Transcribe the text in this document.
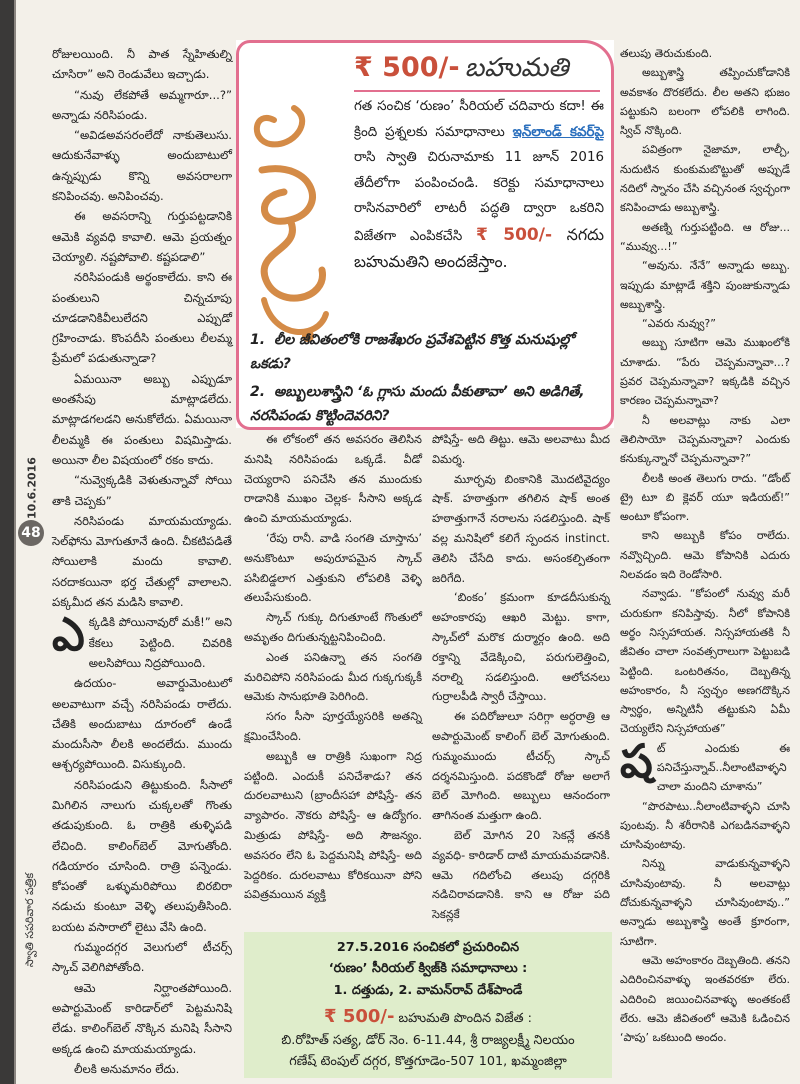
స్వాతి సపరివార పత్రిక
10.6.2016
48

రోజులయింది. నీ పాత స్నేహితుల్ని చూసిరా” అని రెండువేలు ఇచ్చాడు.

“నువు లేకపోతే అమ్మగారూ...?” అన్నాడు నరిసిపండు.

“అవిడఅవసరంలేదో నాకుతెలుసు. ఆదుకునేవాళ్ళు అందుబాటులో ఉన్నప్పుడు కొన్ని అవసరాలగా కనిపించవు. అనిపించవు.

ఈ అవసరాన్ని గుర్తుపట్టడానికి ఆమెకి వ్యవధి కావాలి. ఆమె ప్రయత్నం చెయ్యాలి. నష్టపోవాలి. కష్టపడాలి”

నరిసిపండుకి అర్థంకాలేదు. కాని ఈ పంతులుని చిన్నచూపు చూడడానికివీలులేదని ఎప్పుడో గ్రహించాడు. కొంపదీసి పంతులు లీలమ్మ ప్రేమలో పడుతున్నాడా?

ఏమయినా అబ్బు ఎప్పుడూ అంతసేపు మాట్లాడలేదు. మాట్లాడగలడని అనుకోలేదు. ఏమయినా లీలమ్మకి ఈ పంతులు విషమిస్తాడు. అయినా లీల విషయంలో రకం కాదు.

“నువ్వెక్కడికి వెళుతున్నావో సోయి తాకి చెప్పకు”

నరిసిపండు మాయమయ్యాడు. సెల్‌ఫోను మోగుతూనే ఉంది. చీకటిపడితే సోయిలాకి మందు కావాలి. సరదాకయినా భర్త చేతుల్లో వాలాలని. పక్కమీద తన మడిసి కావాలి.

ఎక్కడికి పోయినావురో మకీ!” అని కేకలు పెట్టింది. చివరికి అలసిపోయి నిద్రపోయింది.

ఉదయం- అవార్డుమెంటులో అలవాటుగా వచ్చే నరిసిపండు రాలేదు. చేతికి అందుబాటు దూరంలో ఉండే మందుసీసా లీలకి అందలేదు. ముందు ఆశ్చర్యపోయింది. విసుక్కుంది.

నరిసిపండుని తిట్టుకుంది. సీసాలో మిగిలిన నాలుగు చుక్కలతో గొంతు తడుపుకుంది. ఓ రాత్రికి తుళ్ళిపడి లేచింది. కాలింగ్‌బెల్ మోగుతోంది. గడియారం చూసింది. రాత్రి పన్నెండు. కోపంతో ఒళ్ళుమరిపోయి బిరబిరా నడుచు కుంటూ వెళ్ళి తలుపుతీసింది. బయట వసారాలో లైటు వేసి ఉంది.

గుమ్మందగ్గర వెలుగులో టీచర్స్ స్కాచ్ వెలిగిపోతోంది.

ఆమె నిర్ఘాంతపోయింది. అపార్టుమెంట్ కారిడార్‌లో పెట్టమనిషి లేడు. కాలింగ్‌బెల్ నొక్కిన మనిషి సీసాని అక్కడ ఉంచి మాయమయ్యాడు.

లీలకి అనుమానం లేదు.

₹ 500/- బహుమతి
గత సంచిక ‘రుణం’ సీరియల్ చదివారు కదా! ఈ క్రింది ప్రశ్నలకు సమాధానాలు ఇన్‌లాండ్ కవర్‌పై రాసి స్వాతి చిరునామాకు 11 జూన్ 2016 తేదీలోగా పంపించండి. కరెక్టు సమాధానాలు రాసినవారిలో లాటరీ పద్ధతి ద్వారా ఒకరిని విజేతగా ఎంపికచేసి ₹ 500/- నగదు బహుమతిని అందజేస్తాం.
1. లీల జీవితంలోకి రాజశేఖరం ప్రవేశపెట్టిన కొత్త మనుషుల్లో ఒకడు?
2. అబ్బులుశాస్త్రిని ‘ఓ గ్లాసు మందు పీకుతావా’ అని అడిగితే, నరసిపండు కొట్టిందెవరిని?

ఈ లోకంలో తన అవసరం తెలిసిన మనిషి నరిసిపండు ఒక్కడే. వీడో చెయ్యరాని పనిచేసి తన ముందుకు రాడానికి ముఖం చెల్లక- సీసాని అక్కడ ఉంచి మాయమయ్యాడు.

‘రేపు రానీ. వాడి సంగతి చూస్తాను’ అనుకొంటూ అపురూపమైన స్కాచ్ పసిబిడ్డలాగ ఎత్తుకుని లోపలికి వెళ్ళి తలుపేసుకుంది.

స్కాచ్ గుక్కు దిగుతూంటే గొంతులో అమృతం దిగుతున్నట్టనిపించింది.

ఎంత పనిఉన్నా తన సంగతి మరిచిపోని నరిసిపండు మీద గుక్కగుక్కకీ ఆమెకు సానుభూతి పెరిగింది.

సగం సీసా పూర్తయ్యేసరికి అతన్ని క్షమించేసింది.

అబ్బుకి ఆ రాత్రికి సుఖంగా నిద్ర పట్టింది. ఎందుకీ పనిచేశాడు? తన దురలవాటుని (బ్రాందీసహా పోషిస్తే- తన వ్యాపారం. నౌకరు పోషిస్తే- ఆ ఉద్యోగం. మిత్రుడు పోషిస్తే- అది సౌజన్యం. అవసరం లేని ఓ పెద్దమనిషి పోషిస్తే- అది పెద్దరికం. దురలవాటు కోరికయినా పోని పవిత్రమయిన వ్యక్తి

పోషిస్తే- అది తిట్టు. ఆమె అలవాటు మీద విమర్శ.

మూర్ఛవు బింకానికి మొదటివైద్యం షాక్. హఠాత్తుగా తగిలిన షాక్ అంత హఠాత్తుగానే నరాలను సడలిస్తుంది. షాక్ వల్ల మనిషిలో కలిగే స్పందన instinct. తెలిసి చేసేది కాదు. అసంకల్పితంగా జరిగేది.

‘బింకం’ క్రమంగా కూడదీసుకున్న అహంకారపు ఆఖరి మెట్టు. కాగా, స్కాచ్‌లో మరొక దుర్మార్గం ఉంది. అది రక్తాన్ని వేడెక్కించి, పరుగులెత్తించి, నరాల్ని సడలిస్తుంది. ఆలోచనలు గుర్రాలపీడి స్వారీ చేస్తాయి.

ఈ పదిరోజులూ సరిగ్గా అర్ధరాత్రి ఆ అపార్టుమెంట్ కాలింగ్ బెల్ మోగుతుంది. గుమ్మంముందు టీచర్స్ స్కాచ్ దర్శనమిస్తుంది. పదకొండో రోజు అలాగే బెల్ మోగింది. అబ్బులు ఆనందంగా తాగినంత మత్తుగా ఉంది.

బెల్ మోగిన 20 సెకన్లే తనకి వ్యవధి- కారిడార్ దాటి మాయమవడానికి. ఆమె గదిలోంచి తలుపు దగ్గరికి నడిచిరావడానికి. కాని ఆ రోజు పది సెకన్లకే

27.5.2016 సంచికలో ప్రచురించిన
‘రుణం’ సీరియల్ క్విజ్‌కి సమాధానాలు :
1. దత్తుడు, 2. వామన్‌రావ్ దేశ్‌పాండే
₹ 500/- బహుమతి పొందిన విజేత :
బి.రోహిత్ సత్య, డోర్ నెం. 6-11.44, శ్రీ రాజ్యలక్ష్మీ నిలయం
గణేష్ టెంపుల్ దగ్గర, కొత్తగూడెం-507 101, ఖమ్మంజిల్లా

తలుపు తెరుచుకుంది.

అబ్బుశాస్త్రి తప్పించుకోడానికి అవకాశం దొరకలేదు. లీల అతని భుజం పట్టుకుని బలంగా లోపలికి లాగింది. స్విచ్ నొక్కింది.

పవిత్రంగా నైజామా, లాల్చీ, నుదుటిన కుంకుమబొట్టుతో అప్పుడే నదిలో స్నానం చేసి వచ్చినంత స్వచ్ఛంగా కనిపించాడు అబ్బుశాస్త్రి.

అతణ్ని గుర్తుపట్టింది. ఆ రోజు... “మువ్వు...!”

“అవును. నేనే” అన్నాడు అబ్బు. ఇప్పుడు మాట్లాడే శక్తిని పుంజుకున్నాడు అబ్బుశాస్త్రి.

“ఎవరు నువ్వు?”

అబ్బు సూటిగా ఆమె ముఖంలోకి చూశాడు. “పేరు చెప్పమన్నావా...? ప్రవర చెప్పమన్నావా? ఇక్కడికి వచ్చిన కారణం చెప్పమన్నావా?

నీ అలవాట్లు నాకు ఎలా తెలిసాయో చెప్పమన్నావా? ఎందుకు కనుక్కున్నానో చెప్పమన్నావా?”

లీలకి అంత తెలుగు రాదు. “డోంట్ ట్రై టూ బి క్లెవర్ యూ ఇడియట్!” అంటూ కోపంగా.

కాని అబ్బుకి కోపం రాలేదు. నవ్వొచ్చింది. ఆమె కోపానికి ఎదురు నిలవడం ఇది రెండోసారి.

నవ్వాడు. “కోపంలో నువ్వు మరీ చురుకుగా కనిపిస్తావు. నీలో కోపానికి అర్థం నిస్సహాయత. నిస్సహాయతకి నీ జీవితం చాలా సంవత్సరాలుగా పెట్టుబడి పెట్టింది. ఒంటరితనం, దెబ్బతిన్న అహంకారం, నీ స్వచ్ఛం అణగదొక్కిన స్వార్థం, అన్నిటినీ తట్టుకుని ఏమీ చెయ్యలేని నిస్సహాయత”

షట్‌ ఎందుకు ఈ పనిచేస్తున్నావ్..నీలాంటివాళ్ళని చాలా మందిని చూశాను”

“పొరపాటు..నీలాంటివాళ్ళని చూసి పుంటవు. నీ శరీరానికి ఎగబడినవాళ్ళని చూసివుంటావు.

నిన్ను వాడుకున్నవాళ్ళని చూసివుంటావు. నీ అలవాట్లు దోచుకున్నవాళ్ళని చూసివుంటావు..” అన్నాడు అబ్బుశాస్త్రి అంతే క్రూరంగా, సూటిగా.

ఆమె అహంకారం దెబ్బతింది. తనని ఎదిరించినవాళ్ళు ఇంతవరకూ లేరు. ఎదిరించి జయించినవాళ్ళు అంతకంటే లేరు. ఆమె జీవితంలో ఆమెకి ఓడించిన ‘పాపు’ ఒకటుంది అందం.
